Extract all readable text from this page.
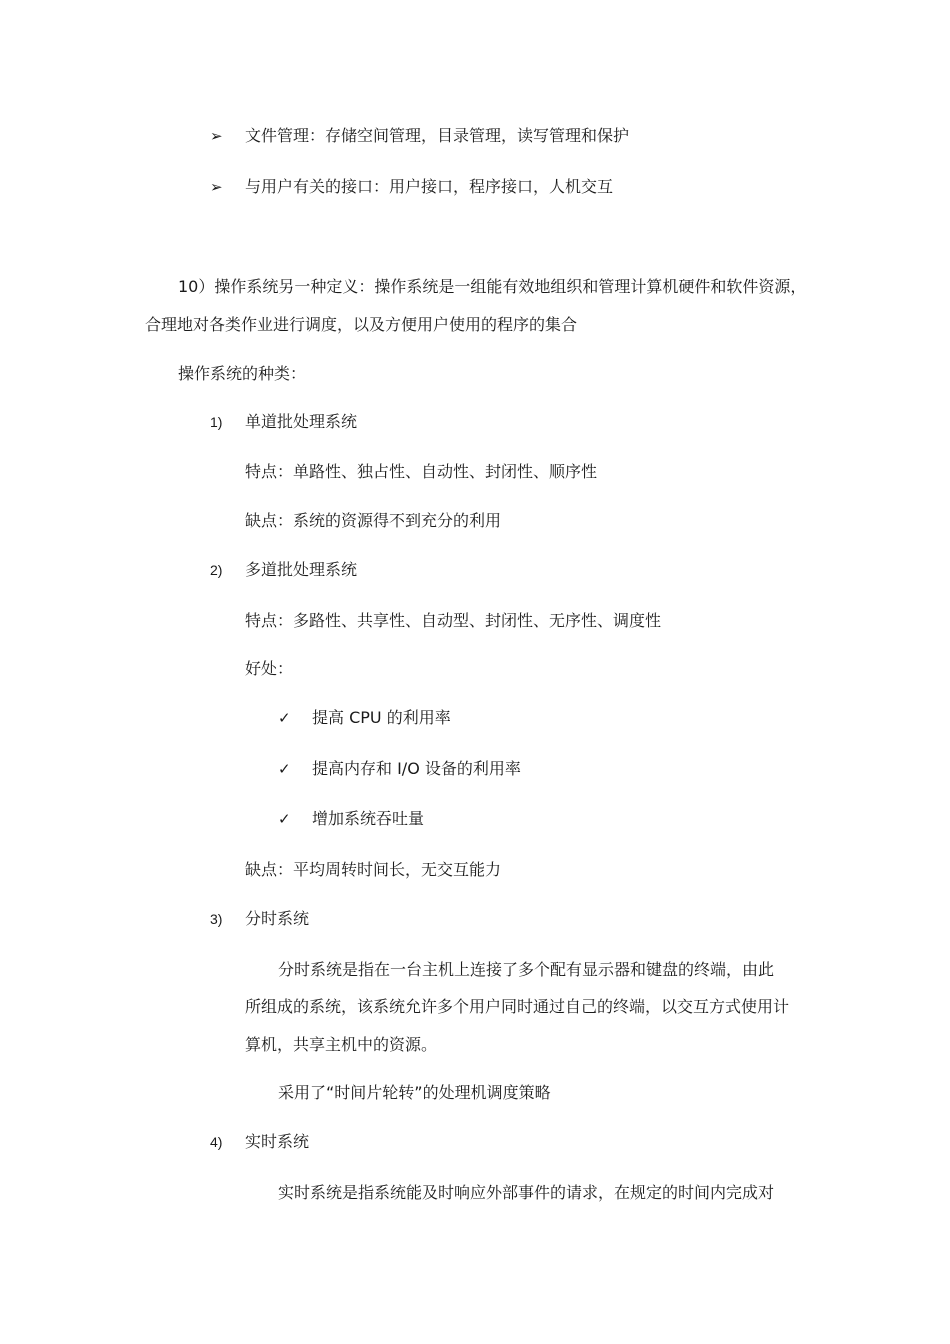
➢ 文件管理：存储空间管理，目录管理，读写管理和保护
➢ 与用户有关的接口：用户接口，程序接口，人机交互
10）操作系统另一种定义：操作系统是一组能有效地组织和管理计算机硬件和软件资源，
合理地对各类作业进行调度，以及方便用户使用的程序的集合
操作系统的种类：
1) 单道批处理系统
特点：单路性、独占性、自动性、封闭性、顺序性
缺点：系统的资源得不到充分的利用
2) 多道批处理系统
特点：多路性、共享性、自动型、封闭性、无序性、调度性
好处：
✓ 提高 CPU 的利用率
✓ 提高内存和 I/O 设备的利用率
✓ 增加系统吞吐量
缺点：平均周转时间长，无交互能力
3) 分时系统
分时系统是指在一台主机上连接了多个配有显示器和键盘的终端，由此
所组成的系统，该系统允许多个用户同时通过自己的终端，以交互方式使用计
算机，共享主机中的资源。
采用了“时间片轮转”的处理机调度策略
4) 实时系统
实时系统是指系统能及时响应外部事件的请求，在规定的时间内完成对
